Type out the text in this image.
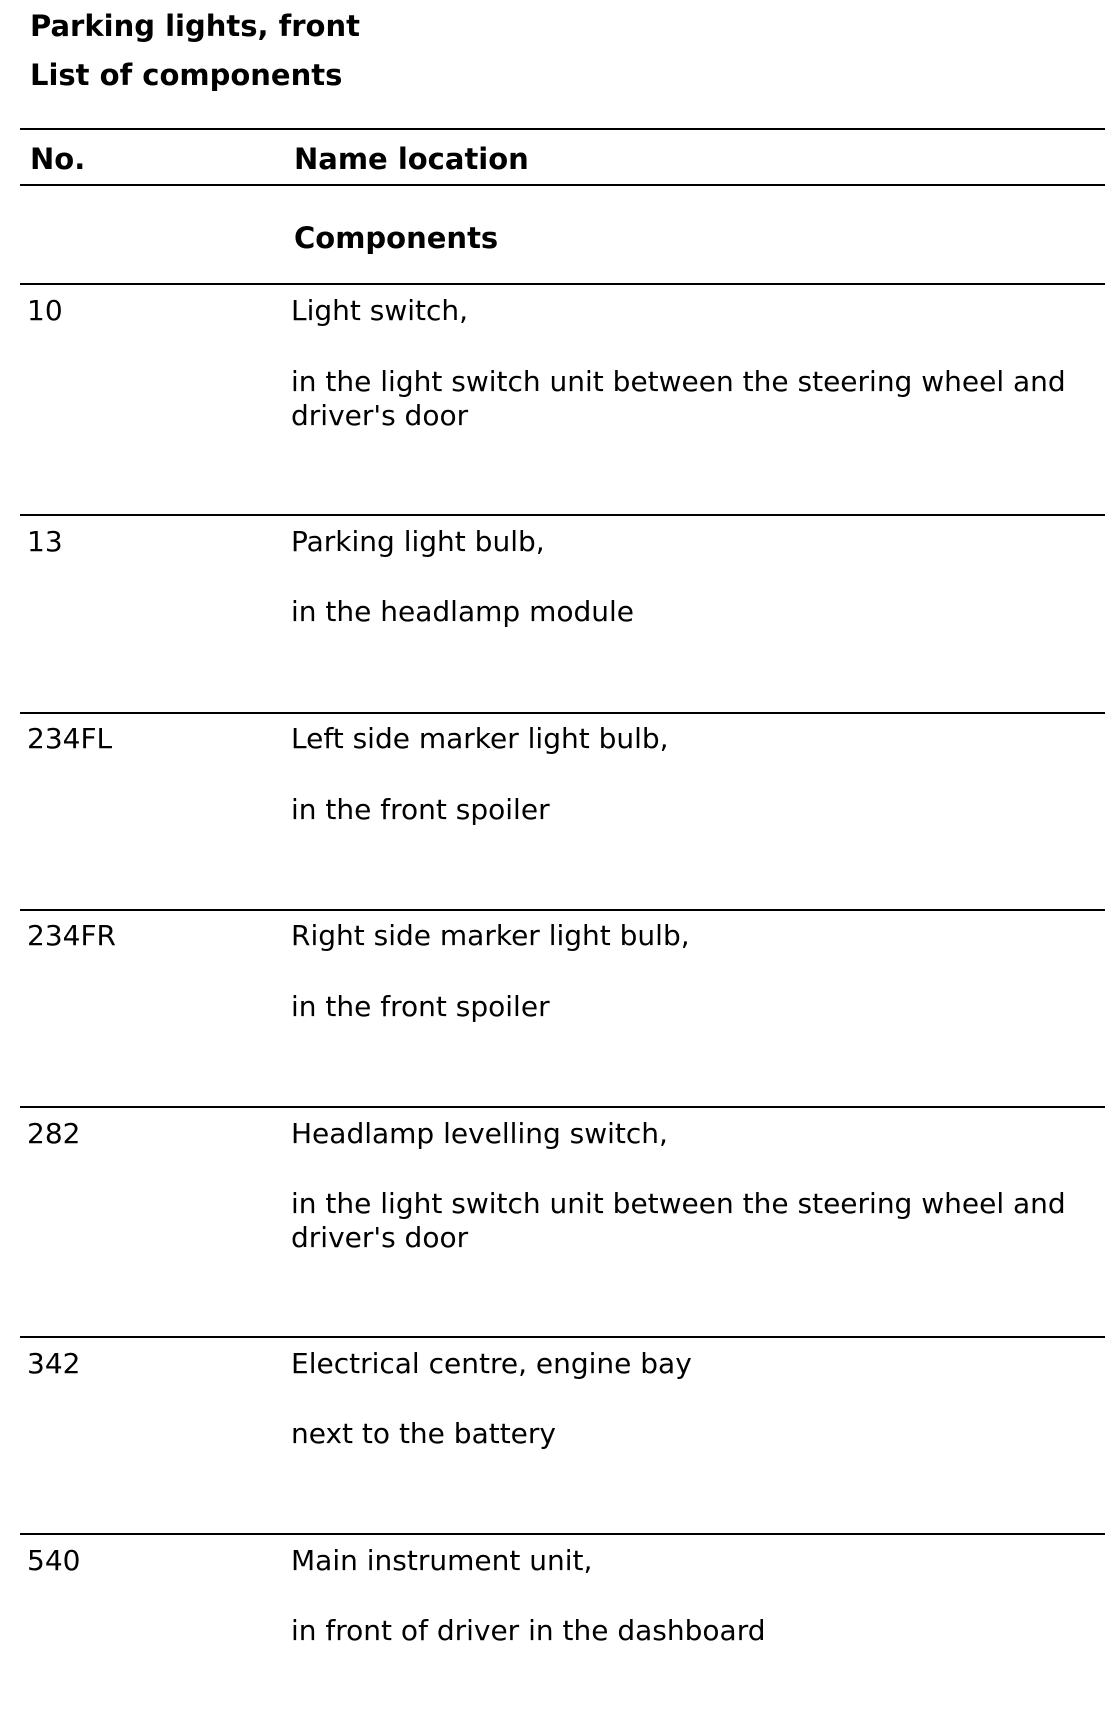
Parking lights, front
List of components
No.	Name location
Components
10	Light switch,
in the light switch unit between the steering wheel and driver's door
13	Parking light bulb,
in the headlamp module
234FL	Left side marker light bulb,
in the front spoiler
234FR	Right side marker light bulb,
in the front spoiler
282	Headlamp levelling switch,
in the light switch unit between the steering wheel and driver's door
342	Electrical centre, engine bay
next to the battery
540	Main instrument unit,
in front of driver in the dashboard
